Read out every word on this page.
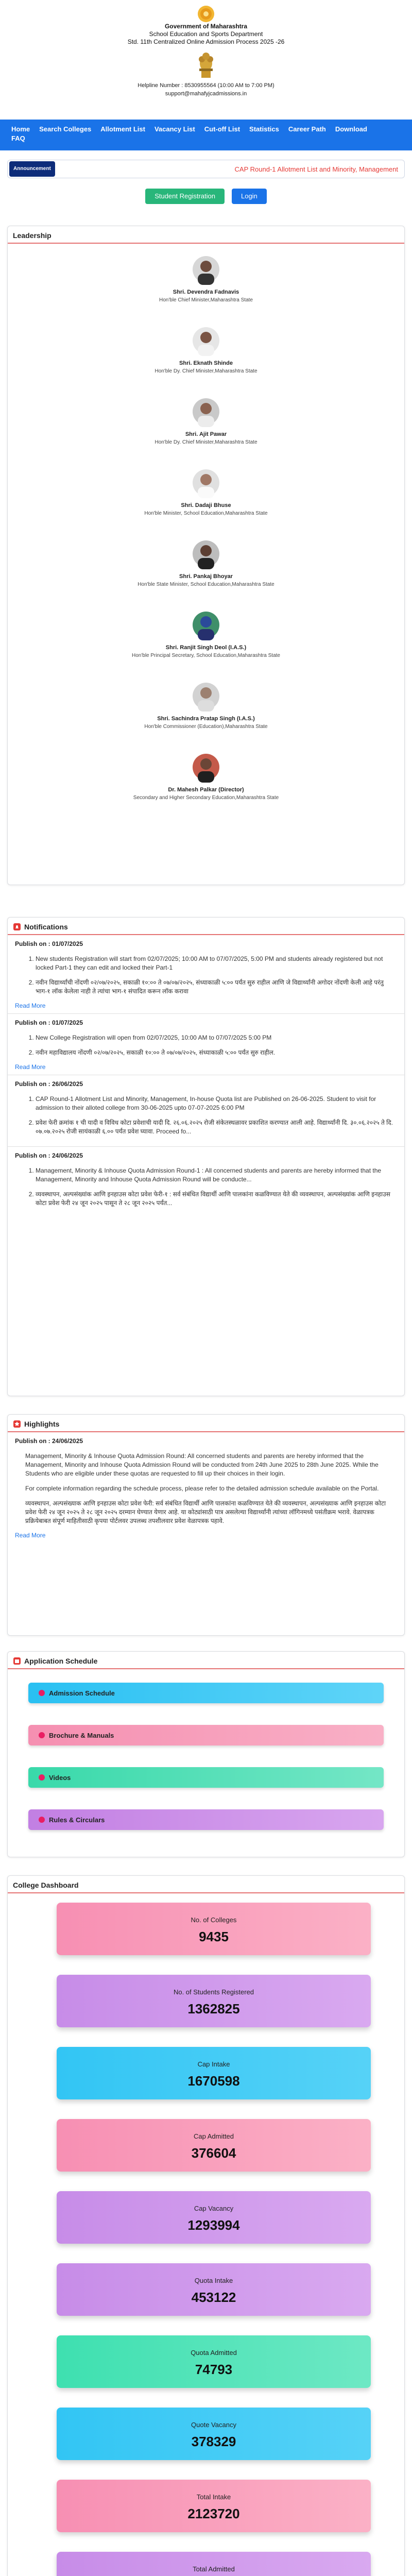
Government of Maharashtra
School Education and Sports Department
Std. 11th Centralized Online Admission Process 2025 -26
Helpline Number : 8530955564 (10:00 AM to 7:00 PM)
support@mahafyjcadmissions.in
Home Search Colleges Allotment List Vacancy List Cut-off List Statistics Career Path Download
FAQ
Announcement	CAP Round-1 Allotment List and Minority, Management
Student Registration	Login
Leadership
Shri. Devendra Fadnavis
Hon'ble Chief Minister,Maharashtra State
Shri. Eknath Shinde
Hon'ble Dy. Chief Minister,Maharashtra State
Shri. Ajit Pawar
Hon'ble Dy. Chief Minister,Maharashtra State
Shri. Dadaji Bhuse
Hon'ble Minister, School Education,Maharashtra State
Shri. Pankaj Bhoyar
Hon'ble State Minister, School Education,Maharashtra State
Shri. Ranjit Singh Deol (I.A.S.)
Hon'ble Principal Secretary, School Education,Maharashtra State
Shri. Sachindra Pratap Singh (I.A.S.)
Hon'ble Commissioner (Education),Maharashtra State
Dr. Mahesh Palkar (Director)
Secondary and Higher Secondary Education,Maharashtra State
Notifications
Publish on : 01/07/2025
1. New students Registration will start from 02/07/2025; 10:00 AM to 07/07/2025, 5:00 PM and students already registered but not locked Part-1 they can edit and locked their Part-1
2. नवीन विद्यार्थ्यांची नोंदणी ०२/०७/२०२५, सकाळी १०:०० ते ०७/०७/२०२५, संध्याकाळी ५:०० पर्यंत सुरु राहील आणि जे विद्यार्थ्यांनी अगोदर नोंदणी केली आहे परंतु भाग-१ लॉक केलेला नाही ते त्यांचा भाग-१ संपादित करून लॉक करावा
Read More
Publish on : 01/07/2025
1. New College Registration will open from 02/07/2025, 10:00 AM to 07/07/2025 5:00 PM
2. नवीन महाविद्यालय नोंदणी ०२/०७/२०२५, सकाळी १०:०० ते ०७/०७/२०२५, संध्याकाळी ५:०० पर्यंत सुरु राहील.
Read More
Publish on : 26/06/2025
1. CAP Round-1 Allotment List and Minority, Management, In-house Quota list are Published on 26-06-2025. Student to visit for admission to their alloted college from 30-06-2025 upto 07-07-2025 6:00 PM
2. प्रवेश फेरी क्रमांक १ ची यादी व विविध कोटा प्रवेशाची यादी दि. २६.०६.२०२५ रोजी संकेतस्थळावर प्रकाशित करण्यात आली आहे. विद्यार्थ्यांनी दि. ३०.०६.२०२५ ते दि. ०७.०७.२०२५ रोजी सायंकाळी ६.०० पर्यंत प्रवेश घ्यावा. Proceed fo...
Publish on : 24/06/2025
1. Management, Minority & Inhouse Quota Admission Round-1 : All concerned students and parents are hereby informed that the Management, Minority and Inhouse Quota Admission Round will be conducte...
2. व्यवस्थापन, अल्पसंख्यांक आणि इनहाउस कोटा प्रवेश फेरी-१ : सर्व संबंधित विद्यार्थी आणि पालकांना कळविण्यात येते की व्यवस्थापन, अल्पसंख्यांक आणि इनहाउस कोटा प्रवेश फेरी २४ जून २०२५ पासून ते २८ जून २०२५ पर्यंत...
Highlights
Publish on : 24/06/2025
Management, Minority & Inhouse Quota Admission Round: All concerned students and parents are hereby informed that the Management, Minority and Inhouse Quota Admission Round will be conducted from 24th June 2025 to 28th June 2025. While the Students who are eligible under these quotas are requested to fill up their choices in their login.
For complete information regarding the schedule process, please refer to the detailed admission schedule available on the Portal.
व्यवस्थापन, अल्पसंख्याक आणि इनहाउस कोटा प्रवेश फेरी: सर्व संबंधित विद्यार्थी आणि पालकांना कळविण्यात येते की व्यवस्थापन, अल्पसंख्याक आणि इनहाउस कोटा प्रवेश फेरी २४ जून २०२५ ते २८ जून २०२५ दरम्यान घेण्यात येणार आहे. या कोट्यांसाठी पात्र असलेल्या विद्यार्थ्यांनी त्यांच्या लॉगिनमध्ये पसंतीक्रम भरावे. वेळापत्रक प्रक्रियेबाबत संपूर्ण माहितीसाठी कृपया पोर्टलवर उपलब्ध तपशीलवार प्रवेश वेळापत्रक पहावे.
Read More
Application Schedule
Admission Schedule
Brochure & Manuals
Videos
Rules & Circulars
College Dashboard
No. of Colleges
9435
No. of Students Registered
1362825
Cap Intake
1670598
Cap Admitted
376604
Cap Vacancy
1293994
Quota Intake
453122
Quota Admitted
74793
Quote Vacancy
378329
Total Intake
2123720
Total Admitted
